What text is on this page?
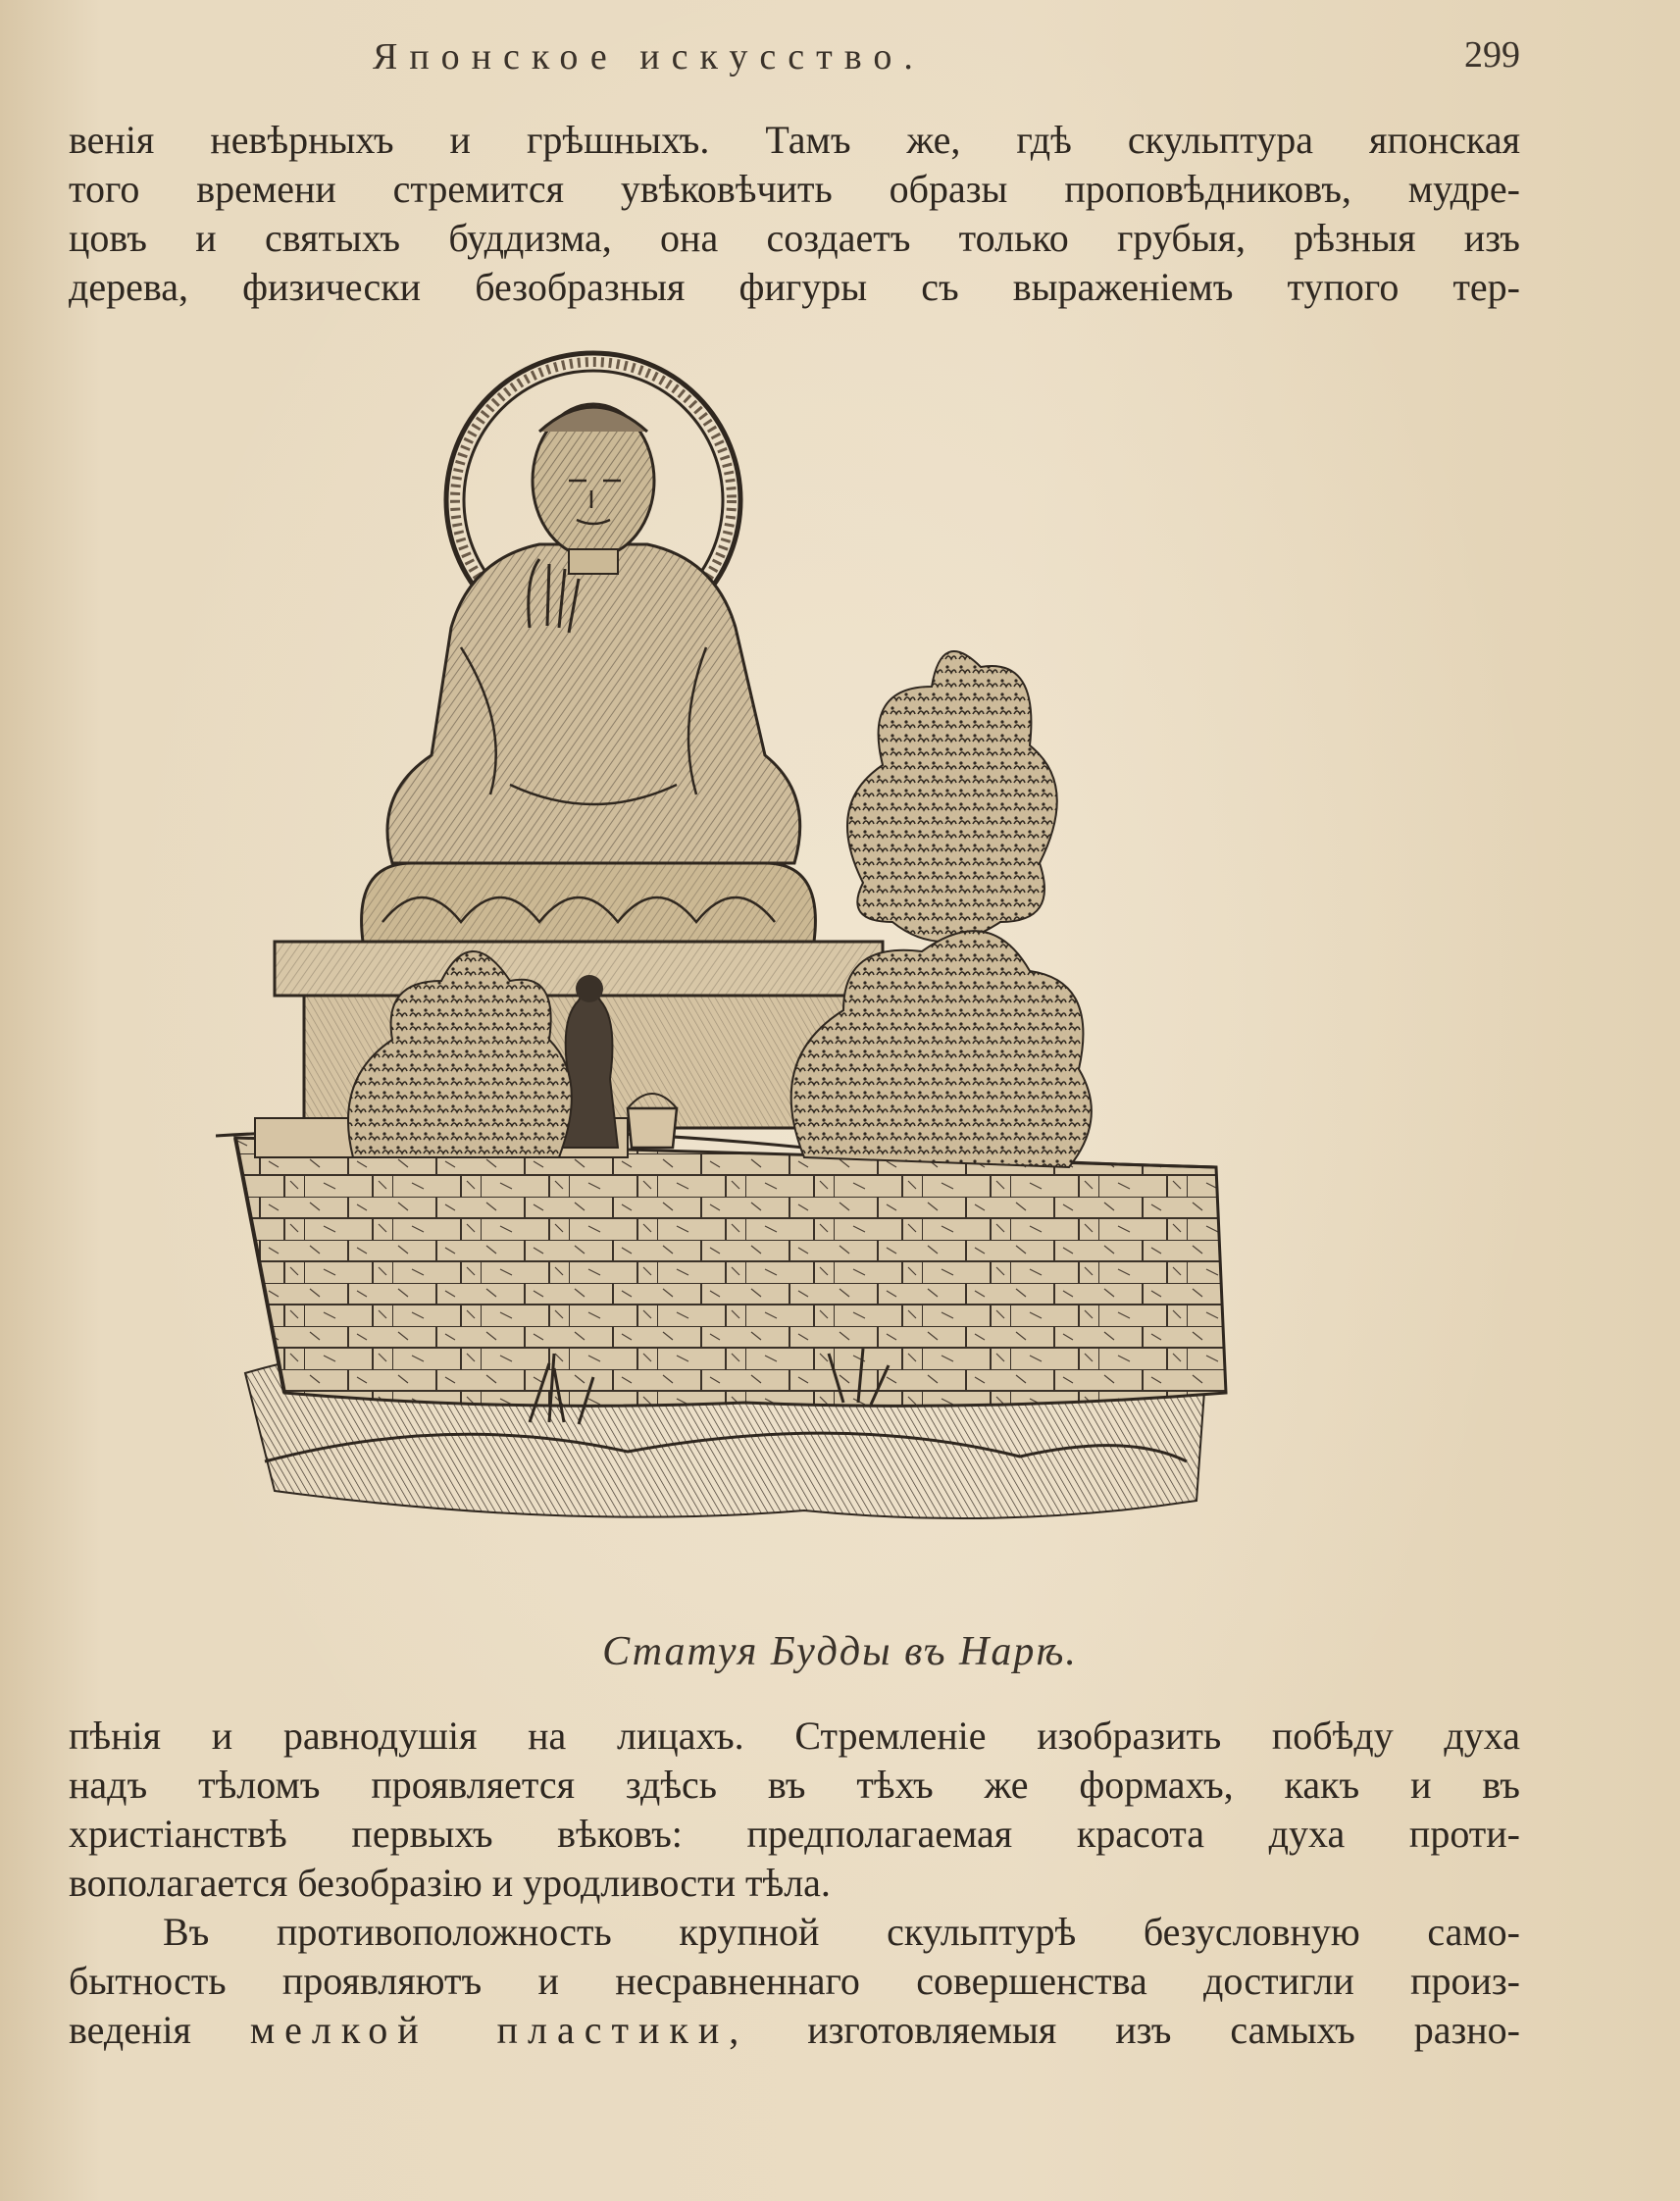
Японское искусство.	299

венія невѣрныхъ и грѣшныхъ. Тамъ же, гдѣ скульптура японская
того времени стремится увѣковѣчить образы проповѣдниковъ, мудре-
цовъ и святыхъ буддизма, она создаетъ только грубыя, рѣзныя изъ
дерева, физически безобразныя фигуры съ выраженіемъ тупого тер-

Статуя Будды въ Нарѣ.

пѣнія и равнодушія на лицахъ. Стремленіе изобразить побѣду духа
надъ тѣломъ проявляется здѣсь въ тѣхъ же формахъ, какъ и въ
христіанствѣ первыхъ вѣковъ: предполагаемая красота духа проти-
вополагается безобразію и уродливости тѣла.

Въ противоположность крупной скульптурѣ безусловную само-
бытность проявляютъ и несравненнаго совершенства достигли произ-
веденія мелкой пластики, изготовляемыя изъ самыхъ разно-
